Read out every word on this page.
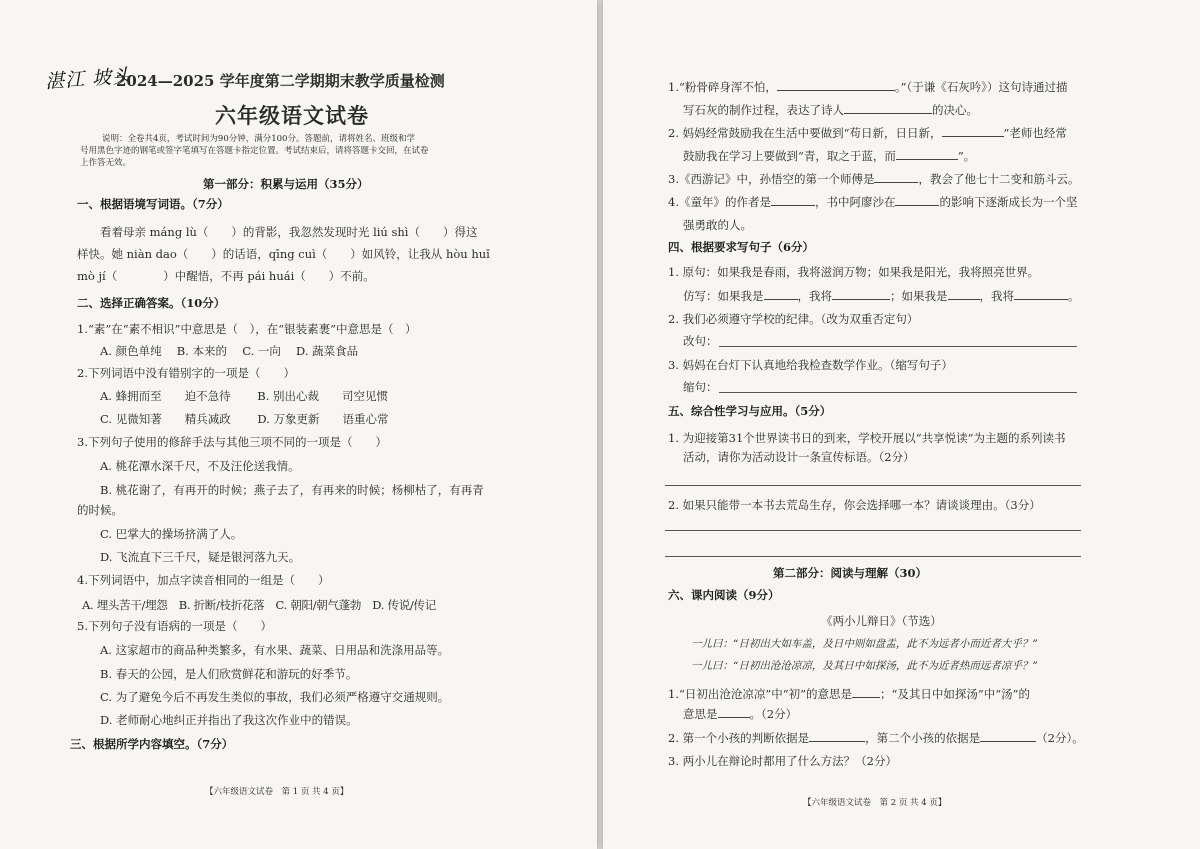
湛江 坡头
2024—2025 学年度第二学期期末教学质量检测
六年级语文试卷
说明：全卷共4页，考试时间为90分钟，满分100分。答题前，请将姓名、班级和学
号用黑色字迹的钢笔或签字笔填写在答题卡指定位置。考试结束后，请将答题卡交回，在试卷
上作答无效。
第一部分：积累与运用（35分）
一、根据语境写词语。（7分）
看着母亲 máng lù（　　）的背影，我忽然发现时光 liú shì（　　）得这
样快。她 niàn dao（　　）的话语，qīng cuì（　　）如风铃，让我从 hòu huǐ
mò jí（　　　　）中醒悟，不再 pái huái（　　）不前。
二、选择正确答案。（10分）
1.“素”在“素不相识”中意思是（　），在“银装素裹”中意思是（　）
A. 颜色单纯　 B. 本来的　 C. 一向　 D. 蔬菜食品
2.下列词语中没有错别字的一项是（　　）
A. 蜂拥而至　　迫不急待　　 B. 别出心裁　　司空见惯
C. 见微知著　　精兵减政　　 D. 万象更新　　语重心常
3.下列句子使用的修辞手法与其他三项不同的一项是（　　）
A. 桃花潭水深千尺，不及汪伦送我情。
B. 桃花谢了，有再开的时候；燕子去了，有再来的时候；杨柳枯了，有再青
的时候。
C. 巴掌大的操场挤满了人。
D. 飞流直下三千尺，疑是银河落九天。
4.下列词语中，加点字读音相同的一组是（　　）
A. 埋头苦干/埋怨　B. 折断/枝折花落　C. 朝阳/朝气蓬勃　D. 传说/传记
5.下列句子没有语病的一项是（　　）
A. 这家超市的商品种类繁多，有水果、蔬菜、日用品和洗涤用品等。
B. 春天的公园，是人们欣赏鲜花和游玩的好季节。
C. 为了避免今后不再发生类似的事故，我们必须严格遵守交通规则。
D. 老师耐心地纠正并指出了我这次作业中的错误。
三、根据所学内容填空。（7分）
【六年级语文试卷　第 1 页 共 4 页】
1.“粉骨碎身浑不怕，	。”（于谦《石灰吟》）这句诗通过描
写石灰的制作过程，表达了诗人	的决心。
2. 妈妈经常鼓励我在生活中要做到“苟日新，日日新，	”老师也经常
鼓励我在学习上要做到“青，取之于蓝，而	”。
3.《西游记》中，孙悟空的第一个师傅是	，教会了他七十二变和筋斗云。
4.《童年》的作者是	，书中阿廖沙在	的影响下逐渐成长为一个坚
强勇敢的人。
四、根据要求写句子（6分）
1. 原句：如果我是春雨，我将滋润万物；如果我是阳光，我将照亮世界。
仿写：如果我是	，我将	；如果我是	，我将	。
2. 我们必须遵守学校的纪律。（改为双重否定句）
改句：
3. 妈妈在台灯下认真地给我检查数学作业。（缩写句子）
缩句：
五、综合性学习与应用。（5分）
1. 为迎接第31个世界读书日的到来，学校开展以“共享悦读”为主题的系列读书
活动，请你为活动设计一条宣传标语。（2分）
2. 如果只能带一本书去荒岛生存，你会选择哪一本？请谈谈理由。（3分）
第二部分：阅读与理解（30）
六、课内阅读（9分）
《两小儿辩日》（节选）
一儿曰：“日初出大如车盖，及日中则如盘盂，此不为远者小而近者大乎？”
一儿曰：“日初出沧沧凉凉，及其日中如探汤，此不为近者热而远者凉乎？”
1.“日初出沧沧凉凉”中“初”的意思是 ；“及其日中如探汤”中“汤”的
意思是	。（2分）
2. 第一个小孩的判断依据是	，第二个小孩的依据是	（2分）。
3. 两小儿在辩论时都用了什么方法？（2分）
【六年级语文试卷　第 2 页 共 4 页】
